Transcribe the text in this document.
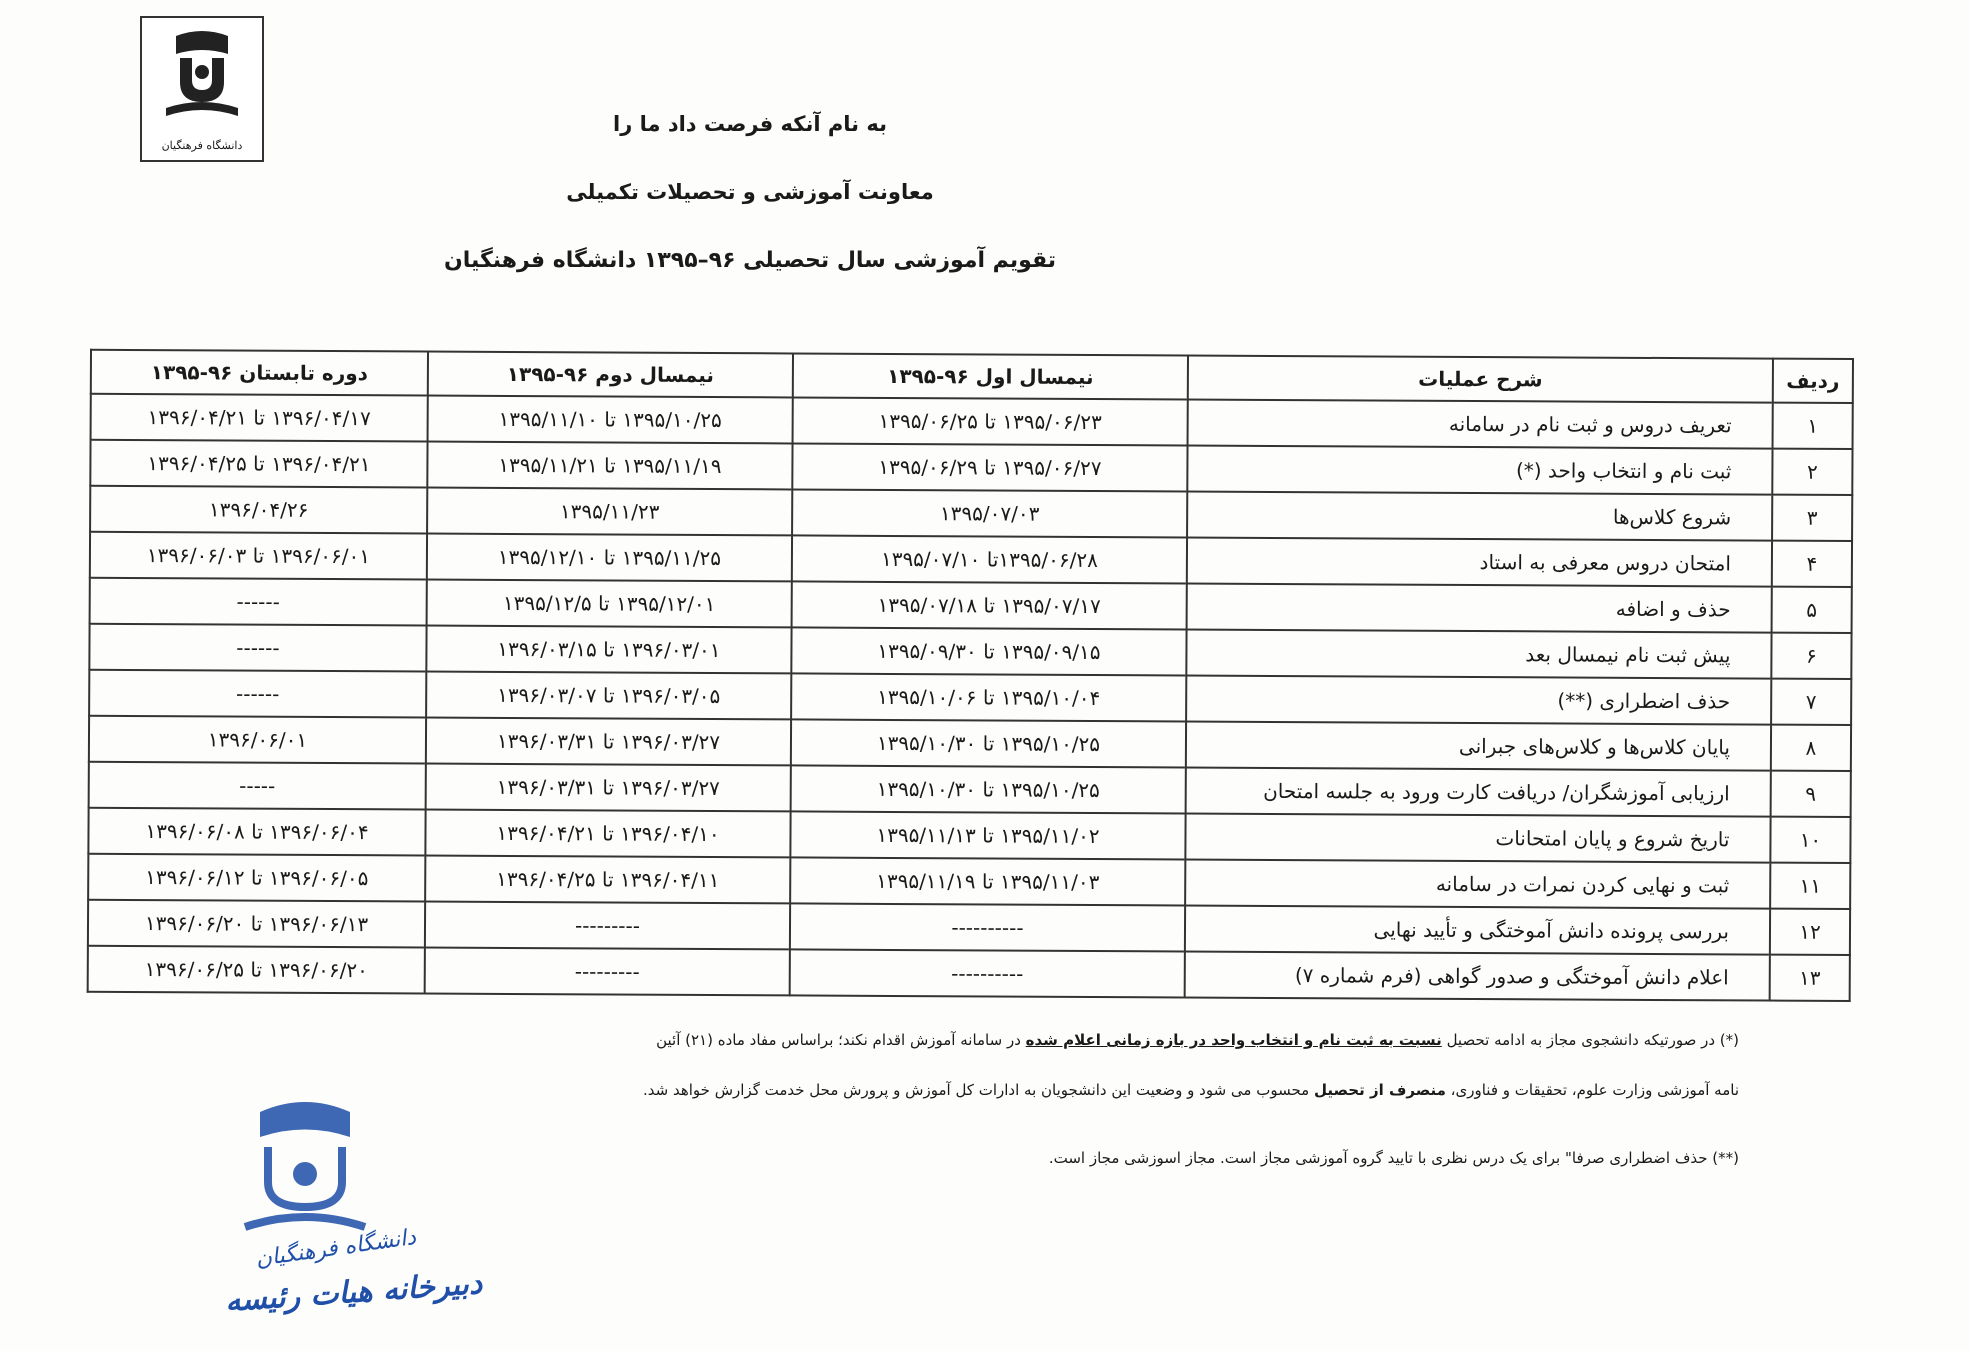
دانشگاه فرهنگیان
به نام آنکه فرصت داد ما را
معاونت آموزشی و تحصیلات تکمیلی
تقویم آموزشی سال تحصیلی ۹۶–۱۳۹۵ دانشگاه فرهنگیان
ردیف	شرح عملیات	نیمسال اول ۹۶-۱۳۹۵	نیمسال دوم ۹۶-۱۳۹۵	دوره تابستان ۹۶-۱۳۹۵
۱	تعریف دروس و ثبت نام در سامانه	۱۳۹۵/۰۶/۲۳ تا ۱۳۹۵/۰۶/۲۵	۱۳۹۵/۱۰/۲۵ تا ۱۳۹۵/۱۱/۱۰	۱۳۹۶/۰۴/۱۷ تا ۱۳۹۶/۰۴/۲۱
۲	ثبت نام و انتخاب واحد (*)	۱۳۹۵/۰۶/۲۷ تا ۱۳۹۵/۰۶/۲۹	۱۳۹۵/۱۱/۱۹ تا ۱۳۹۵/۱۱/۲۱	۱۳۹۶/۰۴/۲۱ تا ۱۳۹۶/۰۴/۲۵
۳	شروع کلاس‌ها	۱۳۹۵/۰۷/۰۳	۱۳۹۵/۱۱/۲۳	۱۳۹۶/۰۴/۲۶
۴	امتحان دروس معرفی به استاد	۱۳۹۵/۰۶/۲۸تا ۱۳۹۵/۰۷/۱۰	۱۳۹۵/۱۱/۲۵ تا ۱۳۹۵/۱۲/۱۰	۱۳۹۶/۰۶/۰۱ تا ۱۳۹۶/۰۶/۰۳
۵	حذف و اضافه	۱۳۹۵/۰۷/۱۷ تا ۱۳۹۵/۰۷/۱۸	۱۳۹۵/۱۲/۰۱ تا ۱۳۹۵/۱۲/۵	------
۶	پیش ثبت نام نیمسال بعد	۱۳۹۵/۰۹/۱۵ تا ۱۳۹۵/۰۹/۳۰	۱۳۹۶/۰۳/۰۱ تا ۱۳۹۶/۰۳/۱۵	------
۷	حذف اضطراری (**)	۱۳۹۵/۱۰/۰۴ تا ۱۳۹۵/۱۰/۰۶	۱۳۹۶/۰۳/۰۵ تا ۱۳۹۶/۰۳/۰۷	------
۸	پایان کلاس‌ها و کلاس‌های جبرانی	۱۳۹۵/۱۰/۲۵ تا ۱۳۹۵/۱۰/۳۰	۱۳۹۶/۰۳/۲۷ تا ۱۳۹۶/۰۳/۳۱	۱۳۹۶/۰۶/۰۱
۹	ارزیابی آموزشگران/ دریافت کارت ورود به جلسه امتحان	۱۳۹۵/۱۰/۲۵ تا ۱۳۹۵/۱۰/۳۰	۱۳۹۶/۰۳/۲۷ تا ۱۳۹۶/۰۳/۳۱	-----
۱۰	تاریخ شروع و پایان امتحانات	۱۳۹۵/۱۱/۰۲ تا ۱۳۹۵/۱۱/۱۳	۱۳۹۶/۰۴/۱۰ تا ۱۳۹۶/۰۴/۲۱	۱۳۹۶/۰۶/۰۴ تا ۱۳۹۶/۰۶/۰۸
۱۱	ثبت و نهایی کردن نمرات در سامانه	۱۳۹۵/۱۱/۰۳ تا ۱۳۹۵/۱۱/۱۹	۱۳۹۶/۰۴/۱۱ تا ۱۳۹۶/۰۴/۲۵	۱۳۹۶/۰۶/۰۵ تا ۱۳۹۶/۰۶/۱۲
۱۲	بررسی پرونده دانش آموختگی و تأیید نهایی	----------	---------	۱۳۹۶/۰۶/۱۳ تا ۱۳۹۶/۰۶/۲۰
۱۳	اعلام دانش آموختگی و صدور گواهی (فرم شماره ۷)	----------	---------	۱۳۹۶/۰۶/۲۰ تا ۱۳۹۶/۰۶/۲۵
(*) در صورتیکه دانشجوی مجاز به ادامه تحصیل نسبت به ثبت نام و انتخاب واحد در بازه زمانی اعلام شده در سامانه آموزش اقدام نکند؛ براساس مفاد ماده (۲۱) آئین
نامه آموزشی وزارت علوم، تحقیقات و فناوری، منصرف از تحصیل محسوب می شود و وضعیت این دانشجویان به ادارات کل آموزش و پرورش محل خدمت گزارش خواهد شد.
(**) حذف اضطراری صرفا" برای یک درس نظری با تایید گروه آموزشی مجاز است. مجاز اسوزشی مجاز است.
دانشگاه فرهنگیان
دبیرخانه هیات رئیسه
